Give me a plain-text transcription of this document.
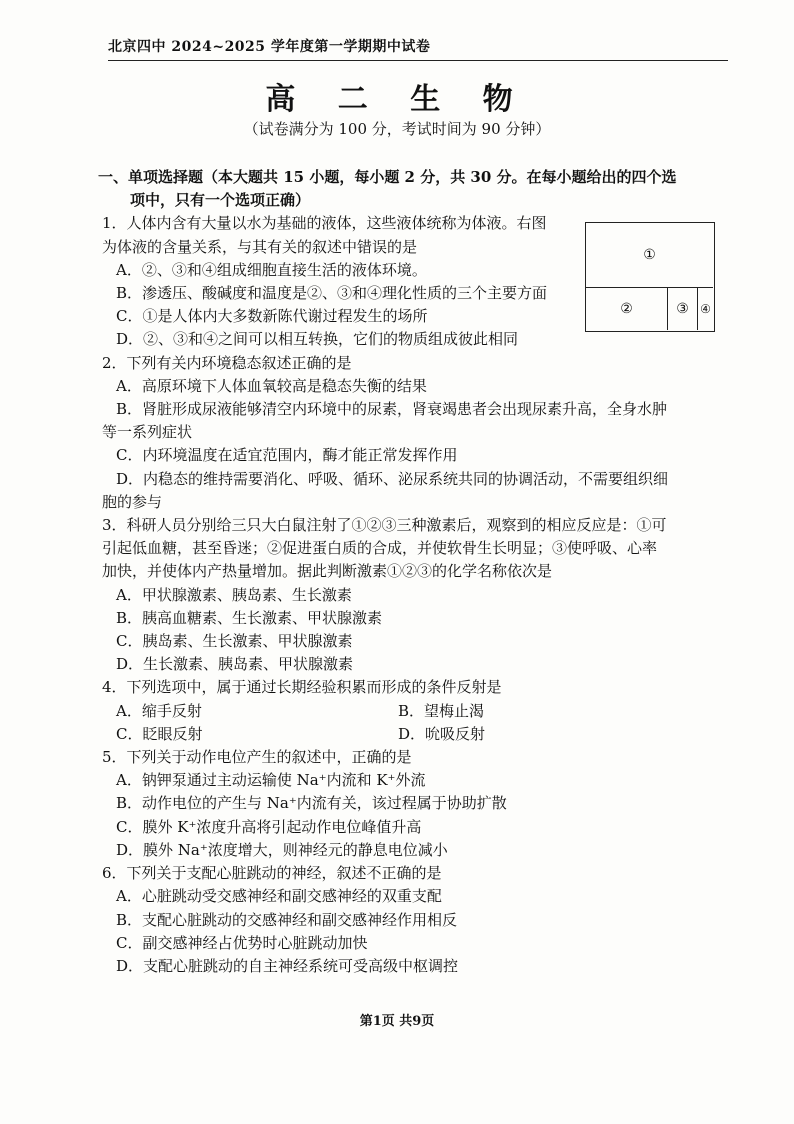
北京四中 2024~2025 学年度第一学期期中试卷
高 二 生 物
（试卷满分为 100 分，考试时间为 90 分钟）
①
②	③ ④
一、单项选择题（本大题共 15 小题，每小题 2 分，共 30 分。在每小题给出的四个选
项中，只有一个选项正确）
1．人体内含有大量以水为基础的液体，这些液体统称为体液。右图
为体液的含量关系，与其有关的叙述中错误的是
A．②、③和④组成细胞直接生活的液体环境。
B．渗透压、酸碱度和温度是②、③和④理化性质的三个主要方面
C．①是人体内大多数新陈代谢过程发生的场所
D．②、③和④之间可以相互转换，它们的物质组成彼此相同
2．下列有关内环境稳态叙述正确的是
A．高原环境下人体血氧较高是稳态失衡的结果
B．肾脏形成尿液能够清空内环境中的尿素，肾衰竭患者会出现尿素升高，全身水肿
等一系列症状
C．内环境温度在适宜范围内，酶才能正常发挥作用
D．内稳态的维持需要消化、呼吸、循环、泌尿系统共同的协调活动，不需要组织细
胞的参与
3．科研人员分别给三只大白鼠注射了①②③三种激素后，观察到的相应反应是：①可
引起低血糖，甚至昏迷；②促进蛋白质的合成，并使软骨生长明显；③使呼吸、心率
加快，并使体内产热量增加。据此判断激素①②③的化学名称依次是
A．甲状腺激素、胰岛素、生长激素
B．胰高血糖素、生长激素、甲状腺激素
C．胰岛素、生长激素、甲状腺激素
D．生长激素、胰岛素、甲状腺激素
4．下列选项中，属于通过长期经验积累而形成的条件反射是
A．缩手反射	B．望梅止渴
C．眨眼反射	D．吮吸反射
5．下列关于动作电位产生的叙述中，正确的是
A．钠钾泵通过主动运输使 Na⁺内流和 K⁺外流
B．动作电位的产生与 Na⁺内流有关，该过程属于协助扩散
C．膜外 K⁺浓度升高将引起动作电位峰值升高
D．膜外 Na⁺浓度增大，则神经元的静息电位减小
6．下列关于支配心脏跳动的神经，叙述不正确的是
A．心脏跳动受交感神经和副交感神经的双重支配
B．支配心脏跳动的交感神经和副交感神经作用相反
C．副交感神经占优势时心脏跳动加快
D．支配心脏跳动的自主神经系统可受高级中枢调控
第1页 共9页
